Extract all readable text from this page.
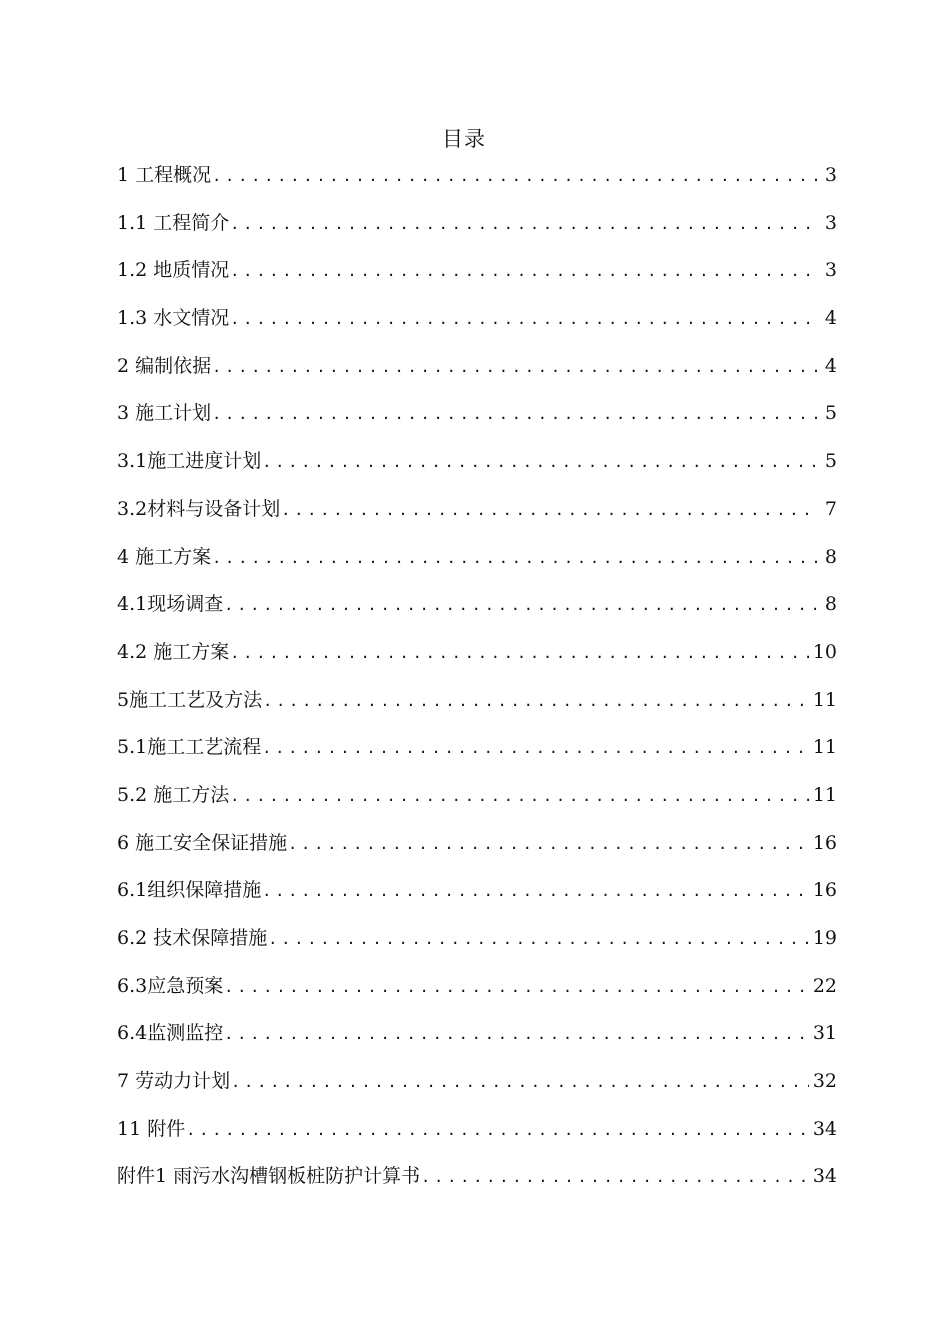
目录
1 工程概况 .....	3
1.1 工程简介 .....	3
1.2 地质情况 .....	3
1.3 水文情况 .....	4
2 编制依据 .....	4
3 施工计划 .....	5
3.1施工进度计划 .....	5
3.2材料与设备计划 .....	7
4 施工方案 .....	8
4.1现场调查 .....	8
4.2 施工方案 .....	10
5施工工艺及方法 .....	11
5.1施工工艺流程 .....	11
5.2 施工方法 .....	11
6 施工安全保证措施 .....	16
6.1组织保障措施 .....	16
6.2 技术保障措施 .....	19
6.3应急预案 .....	22
6.4监测监控 .....	31
7 劳动力计划 .....	32
11 附件 .....	34
附件1 雨污水沟槽钢板桩防护计算书 .....	34
